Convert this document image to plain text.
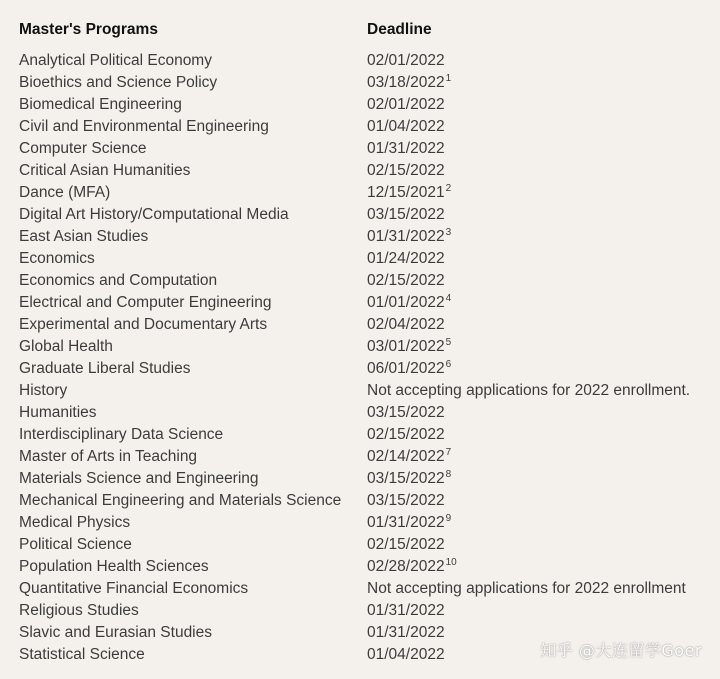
Master's Programs	Deadline
Analytical Political Economy	02/01/2022
Bioethics and Science Policy	03/18/2022$^1$
Biomedical Engineering	02/01/2022
Civil and Environmental Engineering	01/04/2022
Computer Science	01/31/2022
Critical Asian Humanities	02/15/2022
Dance (MFA)	12/15/2021$^2$
Digital Art History/Computational Media	03/15/2022
East Asian Studies	01/31/2022$^3$
Economics	01/24/2022
Economics and Computation	02/15/2022
Electrical and Computer Engineering	01/01/2022$^4$
Experimental and Documentary Arts	02/04/2022
Global Health	03/01/2022$^5$
Graduate Liberal Studies	06/01/2022$^6$
History	Not accepting applications for 2022 enrollment.
Humanities	03/15/2022
Interdisciplinary Data Science	02/15/2022
Master of Arts in Teaching	02/14/2022$^7$
Materials Science and Engineering	03/15/2022$^8$
Mechanical Engineering and Materials Science	03/15/2022
Medical Physics	01/31/2022$^9$
Political Science	02/15/2022
Population Health Sciences	02/28/2022$^{10}$
Quantitative Financial Economics	Not accepting applications for 2022 enrollment
Religious Studies	01/31/2022
Slavic and Eurasian Studies	01/31/2022
Statistical Science	01/04/2022	知乎 @大连留学Goer
